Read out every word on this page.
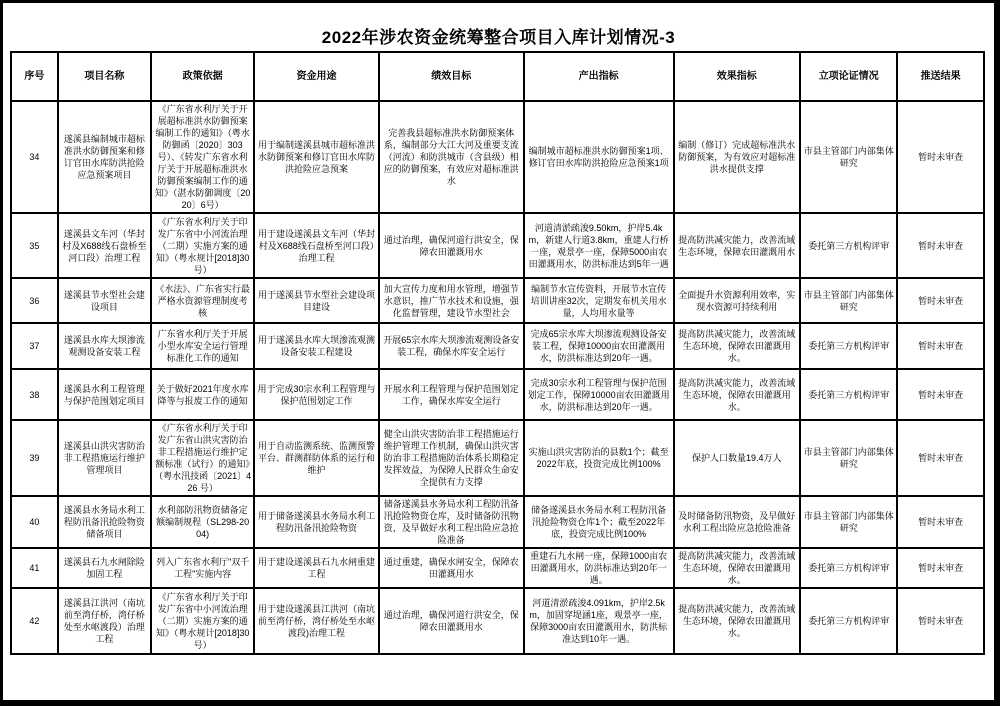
2022年涉农资金统筹整合项目入库计划情况-3
序号	项目名称	政策依据	资金用途	绩效目标	产出指标	效果指标	立项论证情况	推送结果
34	遂溪县编制城市超标准洪水防御预案和修订官田水库防洪抢险应急预案项目	《广东省水利厅关于开展超标准洪水防御预案编制工作的通知》（粤水防御函〔2020〕303号）、《转发广东省水利厅关于开展超标准洪水防御预案编制工作的通知》（湛水防御调度〔2020〕6号）	用于编制遂溪县城市超标准洪水防御预案和修订官田水库防洪抢险应急预案	完善我县超标准洪水防御预案体系，编制部分大江大河及重要支流（河流）和防洪城市（含县级）相应的防御预案，有效应对超标准洪水	编制城市超标准洪水防御预案1项、修订官田水库防洪抢险应急预案1项	编制（修订）完成超标准洪水防御预案，为有效应对超标准洪水提供支撑	市县主管部门内部集体研究	暂时未审查
35	遂溪县文车河（华封村及X688线石盘桥至河口段）治理工程	《广东省水利厅关于印发广东省中小河流治理（二期）实施方案的通知》（粤水规计[2018]30号）	用于建设遂溪县文车河（华封村及X688线石盘桥至河口段）治理工程	通过治理，确保河道行洪安全，保障农田灌溉用水	河道清淤疏浚9.50km，护岸5.4km，新建人行道3.8km，重建人行桥一座，观景亭一座，保障5000亩农田灌溉用水，防洪标准达到5年一遇	提高防洪减灾能力，改善流域生态环境，保障农田灌溉用水	委托第三方机构评审	暂时未审查
36	遂溪县节水型社会建设项目	《水法》、广东省实行最严格水资源管理制度考核	用于遂溪县节水型社会建设项目建设	加大宣传力度和用水管理，增强节水意识，推广节水技术和设施，强化监督管理，建设节水型社会	编制节水宣传资料，开展节水宣传培训讲座32次，定期发布机关用水量，人均用水量等	全面提升水资源利用效率，实现水资源可持续利用	市县主管部门内部集体研究	暂时未审查
37	遂溪县水库大坝渗流观测设备安装工程	广东省水利厅关于开展小型水库安全运行管理标准化工作的通知	用于遂溪县水库大坝渗流观测设备安装工程建设	开展65宗水库大坝渗流观测设备安装工程，确保水库安全运行	完成65宗水库大坝渗流观测设备安装工程，保障10000亩农田灌溉用水，防洪标准达到20年一遇。	提高防洪减灾能力，改善流域生态环境，保障农田灌溉用水。	委托第三方机构评审	暂时未审查
38	遂溪县水利工程管理与保护范围划定项目	关于做好2021年度水库降等与报废工作的通知	用于完成30宗水利工程管理与保护范围划定工作	开展水利工程管理与保护范围划定工作，确保水库安全运行	完成30宗水利工程管理与保护范围划定工作，保障10000亩农田灌溉用水，防洪标准达到20年一遇。	提高防洪减灾能力，改善流域生态环境，保障农田灌溉用水。	委托第三方机构评审	暂时未审查
39	遂溪县山洪灾害防治非工程措施运行维护管理项目	《广东省水利厅关于印发广东省山洪灾害防治非工程措施运行维护定额标准（试行）的通知》（粤水汛技函〔2021〕426 号）	用于自动监测系统、监测预警平台、群测群防体系的运行和维护	健全山洪灾害防治非工程措施运行维护管理工作机制，确保山洪灾害防治非工程措施防治体系长期稳定发挥效益，为保障人民群众生命安全提供有力支撑	实施山洪灾害防治的县数1个；截至2022年底，投资完成比例100%	保护人口数量19.4万人	市县主管部门内部集体研究	暂时未审查
40	遂溪县水务局水利工程防汛备汛抢险物资储备项目	水利部防汛物资储备定额编制规程（SL298-2004)	用于储备遂溪县水务局水利工程防汛备汛抢险物资	储备遂溪县水务局水利工程防汛备汛抢险物资仓库，及时储备防汛物资，及早做好水利工程出险应急抢险准备	储备遂溪县水务局水利工程防汛备汛抢险物资仓库1个；截至2022年底，投资完成比例100%	及时储备防汛物资，及早做好水利工程出险应急抢险准备	市县主管部门内部集体研究	暂时未审查
41	遂溪县石九水闸除险加固工程	列入广东省水利厅"双千工程"实施内容	用于建设遂溪县石九水闸重建工程	通过重建，确保水闸安全，保障农田灌溉用水	重建石九水闸一座，保障1000亩农田灌溉用水，防洪标准达到20年一遇。	提高防洪减灾能力，改善流域生态环境，保障农田灌溉用水。	委托第三方机构评审	暂时未审查
42	遂溪县江洪河（南坑前至湾仔桥，湾仔桥处至水岖渡段）治理工程	《广东省水利厅关于印发广东省中小河流治理（二期）实施方案的通知》（粤水规计[2018]30号）	用于建设遂溪县江洪河（南坑前至湾仔桥，湾仔桥处至水岖渡段)治理工程	通过治理，确保河道行洪安全，保障农田灌溉用水	河道清淤疏浚4.091km，护岸2.5km，加固穿堤涵1座，观景亭一座，保障3000亩农田灌溉用水，防洪标准达到10年一遇。	提高防洪减灾能力，改善流域生态环境，保障农田灌溉用水。	委托第三方机构评审	暂时未审查
